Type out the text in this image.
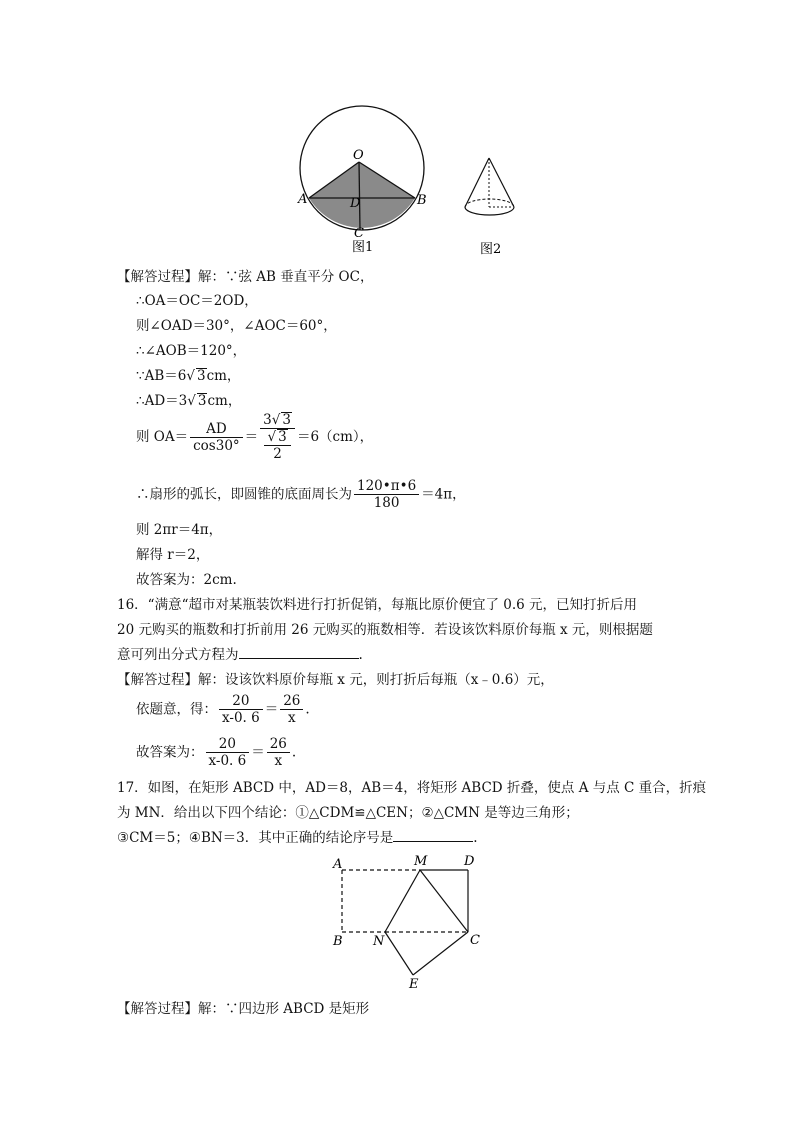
O
A	B
D
C
图1	图2
【解答过程】解：∵弦 AB 垂直平分 OC，
∴OA＝OC＝2OD，
则∠OAD＝30°，∠AOC＝60°，
∴∠AOB＝120°，
∵AB＝6√ 3cm，
∴AD＝3√ 3cm，
则 $OA= \frac{AD}{\cos 30^\circ} = \frac{3√ 3}{\frac{√ 3}{2}} =6(cm)$，
∴扇形的弧长，即圆锥的底面周长为 $\frac{120•\pi•6}{180} =4\pi$，
则 2πr＝4π，
解得 r＝2，
故答案为：2cm.
16．“满意“超市对某瓶装饮料进行打折促销，每瓶比原价便宜了 0.6 元，已知打折后用
20 元购买的瓶数和打折前用 26 元购买的瓶数相等．若设该饮料原价每瓶 x 元，则根据题
意可列出分式方程为	.
【解答过程】解：设该饮料原价每瓶 x 元，则打折后每瓶（x﹣0.6）元，
依题意，得： $\frac{20}{x-0. 6} = \frac{26}{x}$ .
故答案为： $\frac{20}{x-0. 6} = \frac{26}{x}$ .
17．如图，在矩形 ABCD 中，AD＝8，AB＝4，将矩形 ABCD 折叠，使点 A 与点 C 重合，折痕
为 MN．给出以下四个结论：①△CDM≌△CEN；②△CMN 是等边三角形；
③CM＝5；④BN＝3．其中正确的结论序号是	.
A	M	D
B N	C
E
【解答过程】解：∵四边形 ABCD 是矩形
